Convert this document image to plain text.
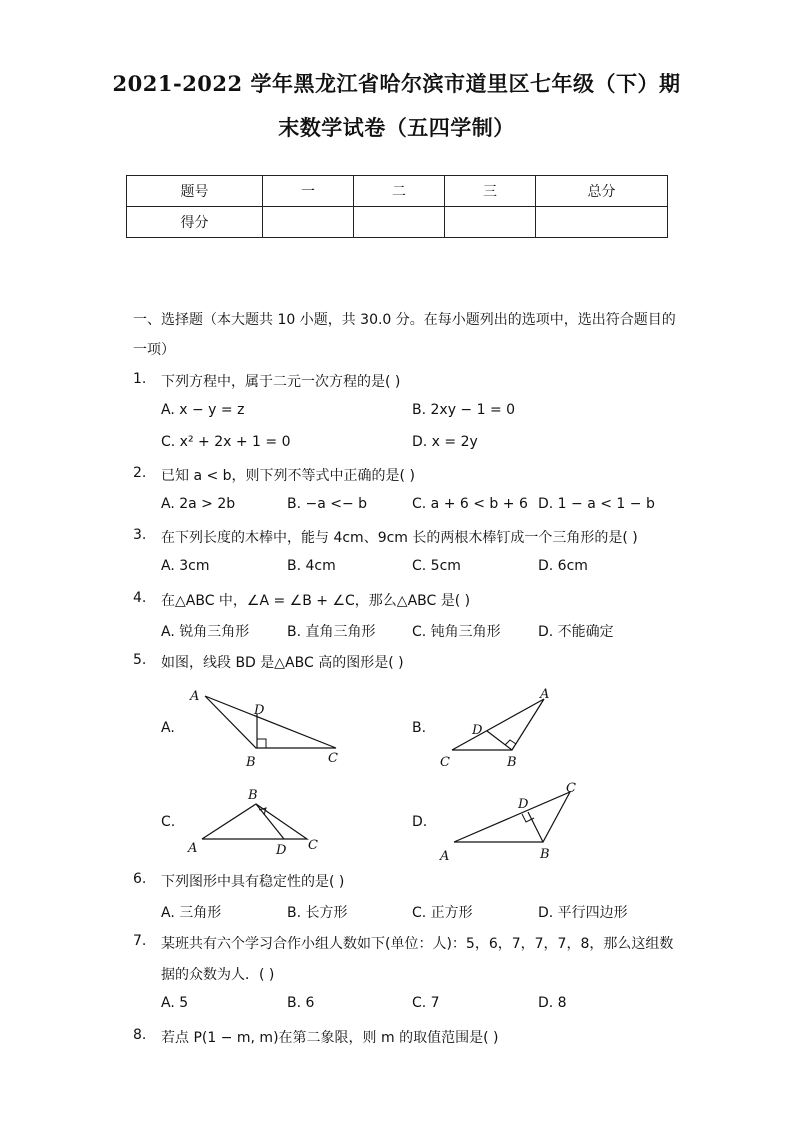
2021-2022 学年黑龙江省哈尔滨市道里区七年级（下）期
末数学试卷（五四学制）
题号	一	二	三	总分
得分				
一、选择题（本大题共 10 小题，共 30.0 分。在每小题列出的选项中，选出符合题目的
一项）
1. 下列方程中，属于二元一次方程的是( )
A. x − y = z	B. 2xy − 1 = 0
C. x² + 2x + 1 = 0	D. x = 2y
2. 已知 a < b，则下列不等式中正确的是( )
A. 2a > 2b	B. −a <− b	C. a + 6 < b + 6 D. 1 − a < 1 − b
3. 在下列长度的木棒中，能与 4cm、9cm 长的两根木棒钉成一个三角形的是( )
A. 3cm	B. 4cm	C. 5cm	D. 6cm
4. 在△ABC 中，∠A = ∠B + ∠C，那么△ABC 是( )
A. 锐角三角形	B. 直角三角形	C. 钝角三角形	D. 不能确定
5. 如图，线段 BD 是△ABC 高的图形是( )
A.	B.
C.	D.
A
D
B	C
A
D
C	B
B
A	D C
C
D
A	B
6. 下列图形中具有稳定性的是( )
A. 三角形	B. 长方形	C. 正方形	D. 平行四边形
7. 某班共有六个学习合作小组人数如下(单位：人)：5，6，7，7，7，8，那么这组数
据的众数为人．( )
A. 5	B. 6	C. 7	D. 8
8. 若点 P(1 − m, m)在第二象限，则 m 的取值范围是( )
